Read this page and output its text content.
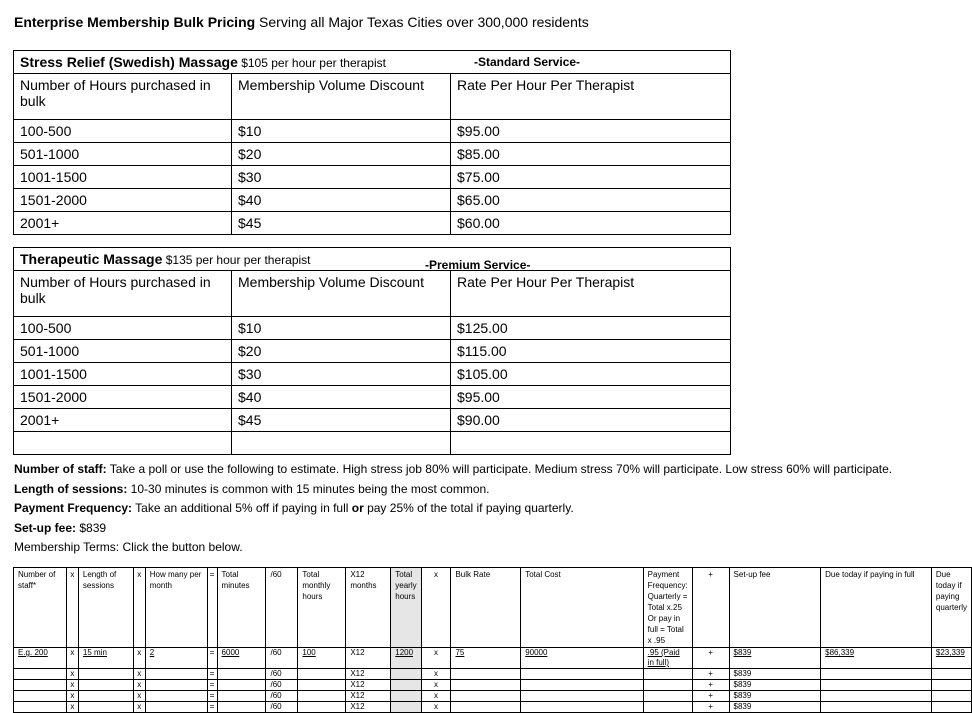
Enterprise Membership Bulk Pricing Serving all Major Texas Cities over 300,000 residents
Stress Relief (Swedish) Massage $105 per hour per therapist		
Number of Hours purchased in bulk	Membership Volume Discount	Rate Per Hour Per Therapist
100-500	$10	$95.00
501-1000	$20	$85.00
1001-1500	$30	$75.00
1501-2000	$40	$65.00
2001+	$45	$60.00
-Standard Service-
Therapeutic Massage $135 per hour per therapist		
Number of Hours purchased in bulk	Membership Volume Discount	Rate Per Hour Per Therapist
100-500	$10	$125.00
501-1000	$20	$115.00
1001-1500	$30	$105.00
1501-2000	$40	$95.00
2001+	$45	$90.00

-Premium Service-
Number of staff: Take a poll or use the following to estimate. High stress job 80% will participate. Medium stress 70% will participate. Low stress 60% will participate.
Length of sessions: 10-30 minutes is common with 15 minutes being the most common.
Payment Frequency: Take an additional 5% off if paying in full or pay 25% of the total if paying quarterly.
Set-up fee: $839
Membership Terms: Click the button below.
Number of staff*	x	Length of sessions	x	How many per month	=	Total minutes	/60	Total monthly hours	X12 months	Total yearly hours	x	Bulk Rate	Total Cost	Payment Frequency:
Quarterly = Total x.25
Or pay in full = Total x .95	+	Set-up fee	Due today if paying in full	Due today if paying quarterly
E.g. 200	x	15 min	x	2	=	6000	/60	100	X12	1200	x	75	90000	.95 (Paid in full)	+	$839	$86,339	$23,339
	x		x		=		/60		X12		x				+	$839		
	x		x		=		/60		X12		x				+	$839		
	x		x		=		/60		X12		x				+	$839		
	x		x		=		/60		X12		x				+	$839		
